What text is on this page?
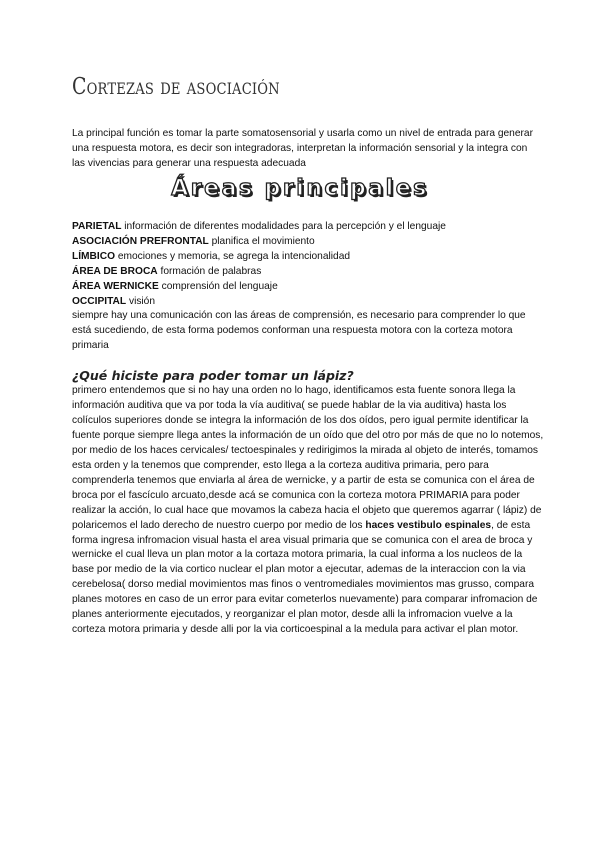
Cortezas de asociación

La principal función es tomar la parte somatosensorial y usarla como un nivel de entrada para generar una respuesta motora, es decir son integradoras, interpretan la información sensorial y la integra con las vivencias para generar una respuesta adecuada

Áreas principales
PARIETAL información de diferentes modalidades para la percepción y el lenguaje
ASOCIACIÓN PREFRONTAL planifica el movimiento
LÍMBICO emociones y memoria, se agrega la intencionalidad
ÁREA DE BROCA formación de palabras
ÁREA WERNICKE comprensión del lenguaje
OCCIPITAL visión

siempre hay una comunicación con las áreas de comprensión, es necesario para comprender lo que está sucediendo, de esta forma podemos conforman una respuesta motora con la corteza motora primaria

¿Qué hiciste para poder tomar un lápiz?

primero entendemos que si no hay una orden no lo hago, identificamos esta fuente sonora llega la información auditiva que va por toda la vía auditiva( se puede hablar de la via auditiva) hasta los colículos superiores donde se integra la información de los dos oídos, pero igual permite identificar la fuente porque siempre llega antes la información de un oído que del otro por más de que no lo notemos, por medio de los haces cervicales/ tectoespinales y redirigimos la mirada al objeto de interés, tomamos esta orden y la tenemos que comprender, esto llega a la corteza auditiva primaria, pero para comprenderla tenemos que enviarla al área de wernicke, y a partir de esta se comunica con el área de broca por el fascículo arcuato,desde acá se comunica con la corteza motora PRIMARIA para poder realizar la acción, lo cual hace que movamos la cabeza hacia el objeto que queremos agarrar ( lápiz) de polaricemos el lado derecho de nuestro cuerpo por medio de los haces vestibulo espinales, de esta forma ingresa infromacion visual hasta el area visual primaria que se comunica con el area de broca y wernicke el cual lleva un plan motor a la cortaza motora primaria, la cual informa a los nucleos de la base por medio de la via cortico nuclear el plan motor a ejecutar, ademas de la interaccion con la via cerebelosa( dorso medial movimientos mas finos o ventromediales movimientos mas grusso, compara planes motores en caso de un error para evitar cometerlos nuevamente) para comparar infromacion de planes anteriormente ejecutados, y reorganizar el plan motor, desde alli la infromacion vuelve a la corteza motora primaria y desde alli por la via corticoespinal a la medula para activar el plan motor.
